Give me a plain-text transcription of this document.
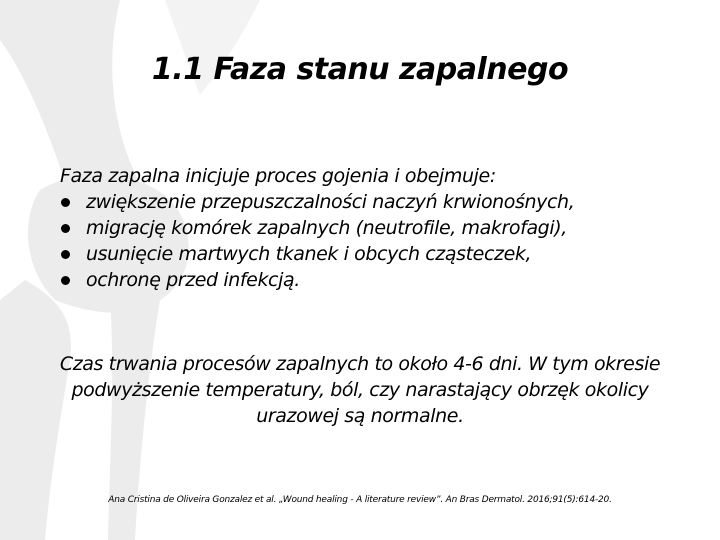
1.1 Faza stanu zapalnego

Faza zapalna inicjuje proces gojenia i obejmuje:

zwiększenie przepuszczalności naczyń krwionośnych,
migrację komórek zapalnych (neutrofile, makrofagi),
usunięcie martwych tkanek i obcych cząsteczek,
ochronę przed infekcją.

Czas trwania procesów zapalnych to około 4-6 dni. W tym okresie podwyższenie temperatury, ból, czy narastający obrzęk okolicy urazowej są normalne.

Ana Cristina de Oliveira Gonzalez et al. „Wound healing - A literature review”. An Bras Dermatol. 2016;91(5):614-20.
